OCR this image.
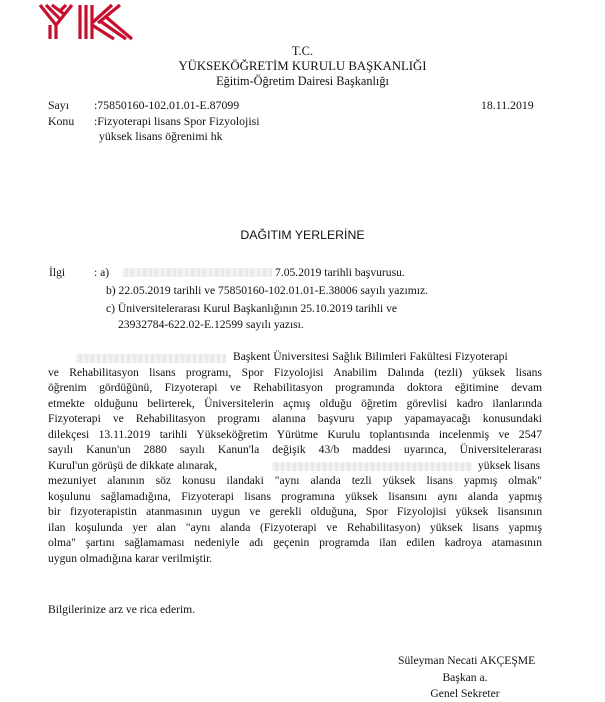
T.C.
YÜKSEKÖĞRETİM KURULU BAŞKANLIĞI
Eğitim-Öğretim Dairesi Başkanlığı
Sayı :75850160-102.01.01-E.87099	18.11.2019
Konu :Fizyoterapi lisans Spor Fizyolojisi
yüksek lisans öğrenimi hk
DAĞITIM YERLERİNE
İlgi : a)	7.05.2019 tarihli başvurusu.
b) 22.05.2019 tarihli ve 75850160-102.01.01-E.38006 sayılı yazımız.
c) Üniversitelerarası Kurul Başkanlığının 25.10.2019 tarihli ve
23932784-622.02-E.12599 sayılı yazısı.
Başkent Üniversitesi Sağlık Bilimleri Fakültesi Fizyoterapi
ve Rehabilitasyon lisans programı, Spor Fizyolojisi Anabilim Dalında (tezli) yüksek lisans
öğrenim gördüğünü, Fizyoterapi ve Rehabilitasyon programında doktora eğitimine devam
etmekte olduğunu belirterek, Üniversitelerin açmış olduğu öğretim görevlisi kadro ilanlarında
Fizyoterapi ve Rehabilitasyon programı alanına başvuru yapıp yapamayacağı konusundaki
dilekçesi 13.11.2019 tarihli Yükseköğretim Yürütme Kurulu toplantısında incelenmiş ve 2547
sayılı Kanun'un 2880 sayılı Kanun'la değişik 43/b maddesi uyarınca, Üniversitelerarası
Kurul'un görüşü de dikkate alınarak,	yüksek lisans
mezuniyet alanının söz konusu ilandaki "aynı alanda tezli yüksek lisans yapmış olmak"
koşulunu sağlamadığına, Fizyoterapi lisans programına yüksek lisansını aynı alanda yapmış
bir fizyoterapistin atanmasının uygun ve gerekli olduğuna, Spor Fizyolojisi yüksek lisansının
ilan koşulunda yer alan "aynı alanda (Fizyoterapi ve Rehabilitasyon) yüksek lisans yapmış
olma" şartını sağlamaması nedeniyle adı geçenin programda ilan edilen kadroya atamasının
uygun olmadığına karar verilmiştir.
Bilgilerinize arz ve rica ederim.
Süleyman Necati AKÇEŞME
Başkan a.
Genel Sekreter
